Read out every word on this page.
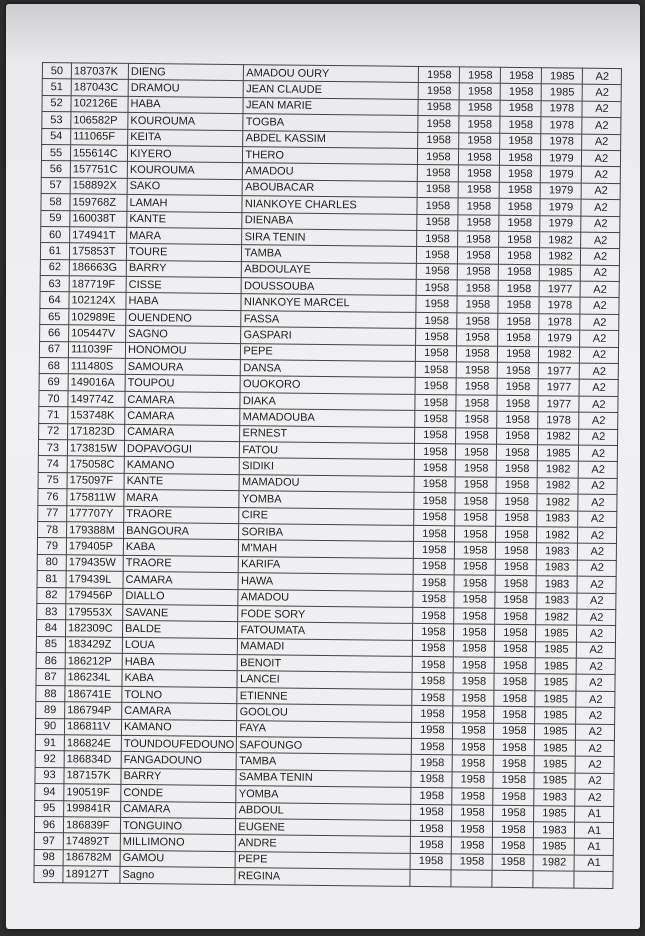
50	187037K	DIENG	AMADOU OURY	1958	1958	1958	1985	A2
51	187043C	DRAMOU	JEAN CLAUDE	1958	1958	1958	1985	A2
52	102126E	HABA	JEAN MARIE	1958	1958	1958	1978	A2
53	106582P	KOUROUMA	TOGBA	1958	1958	1958	1978	A2
54	111065F	KEITA	ABDEL KASSIM	1958	1958	1958	1978	A2
55	155614C	KIYERO	THERO	1958	1958	1958	1979	A2
56	157751C	KOUROUMA	AMADOU	1958	1958	1958	1979	A2
57	158892X	SAKO	ABOUBACAR	1958	1958	1958	1979	A2
58	159768Z	LAMAH	NIANKOYE CHARLES	1958	1958	1958	1979	A2
59	160038T	KANTE	DIENABA	1958	1958	1958	1979	A2
60	174941T	MARA	SIRA TENIN	1958	1958	1958	1982	A2
61	175853T	TOURE	TAMBA	1958	1958	1958	1982	A2
62	186663G	BARRY	ABDOULAYE	1958	1958	1958	1985	A2
63	187719F	CISSE	DOUSSOUBA	1958	1958	1958	1977	A2
64	102124X	HABA	NIANKOYE MARCEL	1958	1958	1958	1978	A2
65	102989E	OUENDENO	FASSA	1958	1958	1958	1978	A2
66	105447V	SAGNO	GASPARI	1958	1958	1958	1979	A2
67	111039F	HONOMOU	PEPE	1958	1958	1958	1982	A2
68	111480S	SAMOURA	DANSA	1958	1958	1958	1977	A2
69	149016A	TOUPOU	OUOKORO	1958	1958	1958	1977	A2
70	149774Z	CAMARA	DIAKA	1958	1958	1958	1977	A2
71	153748K	CAMARA	MAMADOUBA	1958	1958	1958	1978	A2
72	171823D	CAMARA	ERNEST	1958	1958	1958	1982	A2
73	173815W	DOPAVOGUI	FATOU	1958	1958	1958	1985	A2
74	175058C	KAMANO	SIDIKI	1958	1958	1958	1982	A2
75	175097F	KANTE	MAMADOU	1958	1958	1958	1982	A2
76	175811W	MARA	YOMBA	1958	1958	1958	1982	A2
77	177707Y	TRAORE	CIRE	1958	1958	1958	1983	A2
78	179388M	BANGOURA	SORIBA	1958	1958	1958	1982	A2
79	179405P	KABA	M'MAH	1958	1958	1958	1983	A2
80	179435W	TRAORE	KARIFA	1958	1958	1958	1983	A2
81	179439L	CAMARA	HAWA	1958	1958	1958	1983	A2
82	179456P	DIALLO	AMADOU	1958	1958	1958	1983	A2
83	179553X	SAVANE	FODE SORY	1958	1958	1958	1982	A2
84	182309C	BALDE	FATOUMATA	1958	1958	1958	1985	A2
85	183429Z	LOUA	MAMADI	1958	1958	1958	1985	A2
86	186212P	HABA	BENOIT	1958	1958	1958	1985	A2
87	186234L	KABA	LANCEI	1958	1958	1958	1985	A2
88	186741E	TOLNO	ETIENNE	1958	1958	1958	1985	A2
89	186794P	CAMARA	GOOLOU	1958	1958	1958	1985	A2
90	186811V	KAMANO	FAYA	1958	1958	1958	1985	A2
91	186824E	TOUNDOUFEDOUNO	SAFOUNGO	1958	1958	1958	1985	A2
92	186834D	FANGADOUNO	TAMBA	1958	1958	1958	1985	A2
93	187157K	BARRY	SAMBA TENIN	1958	1958	1958	1985	A2
94	190519F	CONDE	YOMBA	1958	1958	1958	1983	A2
95	199841R	CAMARA	ABDOUL	1958	1958	1958	1985	A1
96	186839F	TONGUINO	EUGENE	1958	1958	1958	1983	A1
97	174892T	MILLIMONO	ANDRE	1958	1958	1958	1985	A1
98	186782M	GAMOU	PEPE	1958	1958	1958	1982	A1
99	189127T	Sagno	REGINA					
